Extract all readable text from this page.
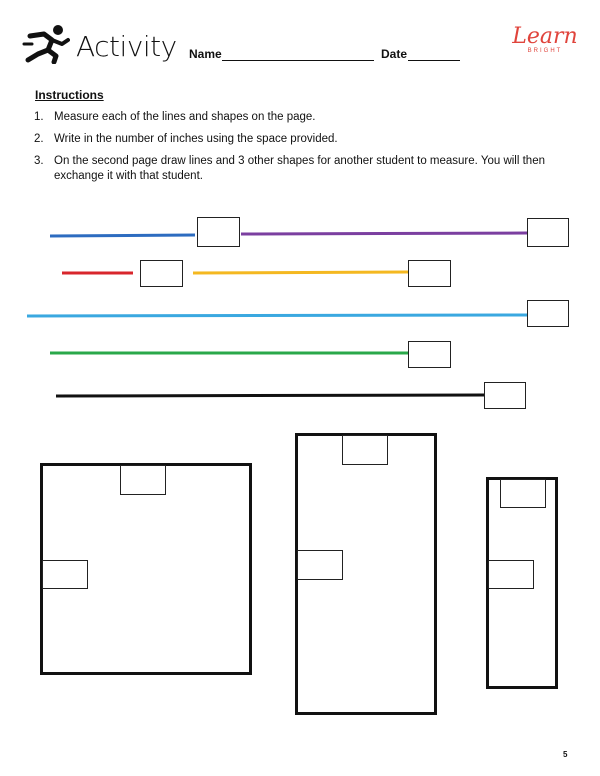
Activity Name	Date
Learn
BRIGHT
Instructions
1. Measure each of the lines and shapes on the page.
2. Write in the number of inches using the space provided.
3. On the second page draw lines and 3 other shapes for another student to measure. You will then exchange it with that student.
5
